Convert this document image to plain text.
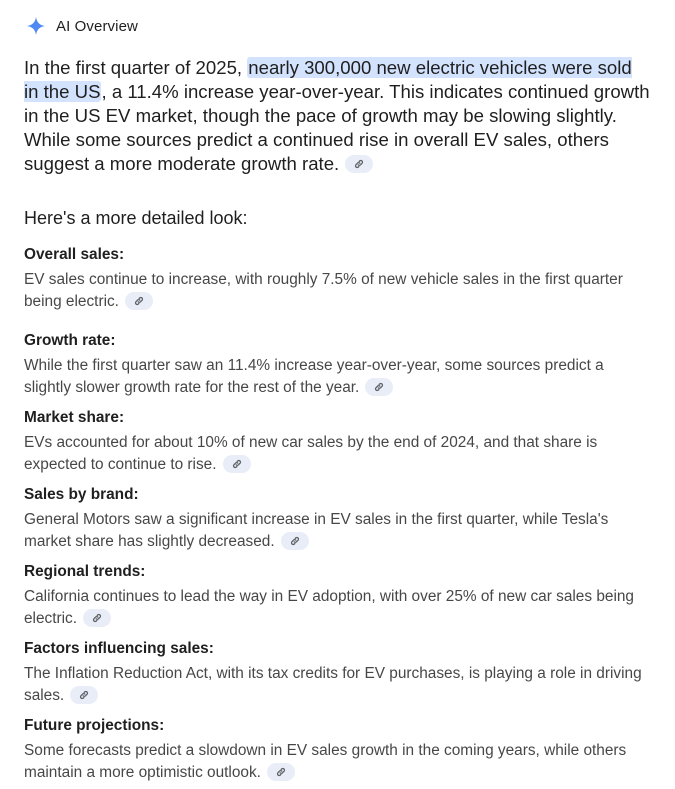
AI Overview

In the first quarter of 2025, nearly 300,000 new electric vehicles were sold in the US, a 11.4% increase year-over-year. This indicates continued growth in the US EV market, though the pace of growth may be slowing slightly. While some sources predict a continued rise in overall EV sales, others suggest a more moderate growth rate.

Here's a more detailed look:
Overall sales:
EV sales continue to increase, with roughly 7.5% of new vehicle sales in the first quarter being electric.
Growth rate:
While the first quarter saw an 11.4% increase year-over-year, some sources predict a slightly slower growth rate for the rest of the year.
Market share:
EVs accounted for about 10% of new car sales by the end of 2024, and that share is expected to continue to rise.
Sales by brand:
General Motors saw a significant increase in EV sales in the first quarter, while Tesla's market share has slightly decreased.
Regional trends:
California continues to lead the way in EV adoption, with over 25% of new car sales being electric.
Factors influencing sales:
The Inflation Reduction Act, with its tax credits for EV purchases, is playing a role in driving sales.
Future projections:
Some forecasts predict a slowdown in EV sales growth in the coming years, while others maintain a more optimistic outlook.
